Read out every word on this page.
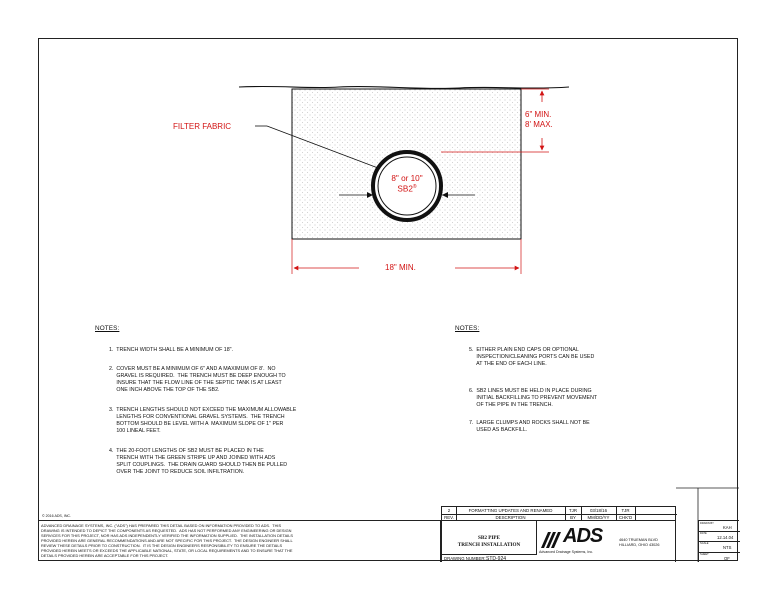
FILTER FABRIC
8" or 10"
SB2®
6" MIN.
8' MAX.
18" MIN.
NOTES:
1.  TRENCH WIDTH SHALL BE A MINIMUM OF 18".
2.  COVER MUST BE A MINIMUM OF 6" AND A MAXIMUM OF 8'.  NO
GRAVEL IS REQUIRED.  THE TRENCH MUST BE DEEP ENOUGH TO
INSURE THAT THE FLOW LINE OF THE SEPTIC TANK IS AT LEAST
ONE INCH ABOVE THE TOP OF THE SB2.
3.  TRENCH LENGTHS SHOULD NOT EXCEED THE MAXIMUM ALLOWABLE
LENGTHS FOR CONVENTIONAL GRAVEL SYSTEMS.  THE TRENCH
BOTTOM SHOULD BE LEVEL WITH A  MAXIMUM SLOPE OF 1" PER
100 LINEAL FEET.
4.  THE 20-FOOT LENGTHS OF SB2 MUST BE PLACED IN THE
TRENCH WITH THE GREEN STRIPE UP AND JOINED WITH ADS
SPLIT COUPLINGS.  THE DRAIN GUARD SHOULD THEN BE PULLED
OVER THE JOINT TO REDUCE SOIL INFILTRATION.
NOTES:
5.  EITHER PLAIN END CAPS OR OPTIONAL
INSPECTION/CLEANING PORTS CAN BE USED
AT THE END OF EACH LINE.
6.  SB2 LINES MUST BE HELD IN PLACE DURING
INITIAL BACKFILLING TO PREVENT MOVEMENT
OF THE PIPE IN THE TRENCH.
7.  LARGE CLUMPS AND ROCKS SHALL NOT BE
USED AS BACKFILL.
© 2016 ADS, INC.
ADVANCED DRAINAGE SYSTEMS, INC. ("ADS") HAS PREPARED THIS DETAIL BASED ON INFORMATION PROVIDED TO ADS.  THIS
DRAWING IS INTENDED TO DEPICT THE COMPONENTS AS REQUESTED.  ADS HAS NOT PERFORMED ANY ENGINEERING OR DESIGN
SERVICES FOR THIS PROJECT, NOR HAS ADS INDEPENDENTLY VERIFIED THE INFORMATION SUPPLIED.  THE INSTALLATION DETAILS
PROVIDED HEREIN ARE GENERAL RECOMMENDATIONS AND ARE NOT SPECIFIC FOR THIS PROJECT.  THE DESIGN ENGINEER SHALL
REVIEW THESE DETAILS PRIOR TO CONSTRUCTION.  IT IS THE DESIGN ENGINEERS RESPONSIBILITY TO ENSURE THE DETAILS
PROVIDED HEREIN MEETS OR EXCEEDS THE APPLICABLE NATIONAL, STATE, OR LOCAL REQUIREMENTS AND TO ENSURE THAT THE
DETAILS PROVIDED HEREIN ARE ACCEPTABLE FOR THIS PROJECT.
2	FORMATTING UPDATES AND RENAMED	TJR	03/18/16	TJR
REV.	DESCRIPTION	BY	MM/DD/YY	CHK'D
SB2 PIPE
TRENCH INSTALLATION
DRAWING NUMBER: STD-924
ADS
Advanced Drainage Systems, Inc.
4640 TRUEMAN BLVD
HILLIARD, OHIO 43026
DRAWN BY
KAH
DATE
12.14.04
SCALE
NTS
SHEET
OF
